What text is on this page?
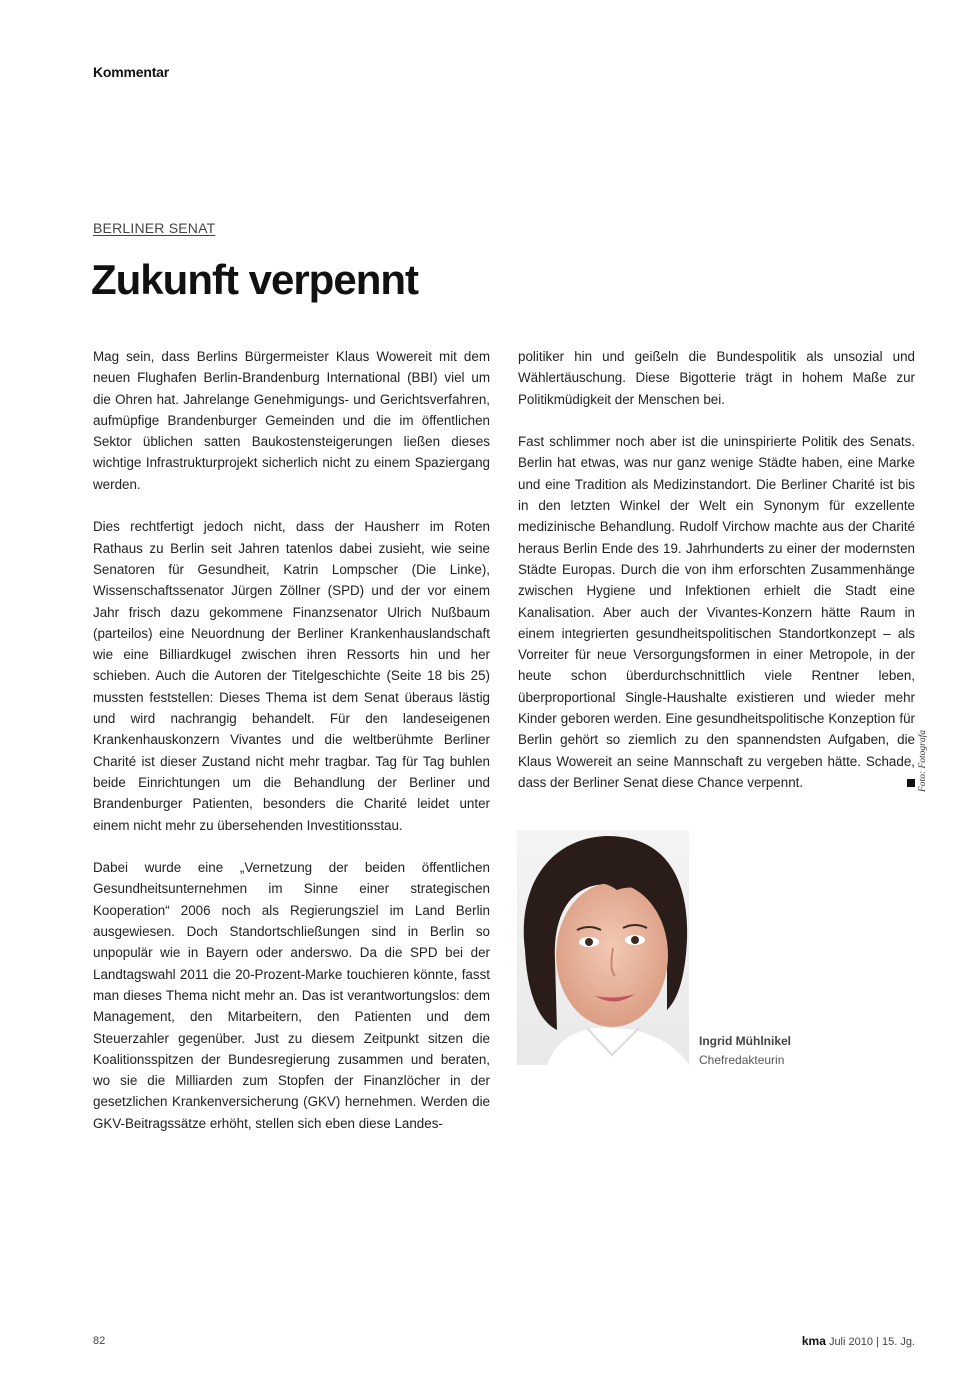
Kommentar
BERLINER SENAT
Zukunft verpennt

Mag sein, dass Berlins Bürgermeister Klaus Wowereit mit dem neuen Flughafen Berlin-Brandenburg International (BBI) viel um die Ohren hat. Jahrelange Genehmigungs- und Gerichtsverfahren, aufmüpfige Brandenburger Gemeinden und die im öffentlichen Sektor üblichen satten Baukostensteigerungen ließen dieses wichtige Infrastrukturprojekt sicherlich nicht zu einem Spaziergang werden.

Dies rechtfertigt jedoch nicht, dass der Hausherr im Roten Rathaus zu Berlin seit Jahren tatenlos dabei zusieht, wie seine Senatoren für Gesundheit, Katrin Lompscher (Die Linke), Wissenschaftssenator Jürgen Zöllner (SPD) und der vor einem Jahr frisch dazu gekommene Finanzsenator Ulrich Nußbaum (parteilos) eine Neuordnung der Berliner Krankenhauslandschaft wie eine Billiardkugel zwischen ihren Ressorts hin und her schieben. Auch die Autoren der Titelgeschichte (Seite 18 bis 25) mussten feststellen: Dieses Thema ist dem Senat überaus lästig und wird nachrangig behandelt. Für den landeseigenen Krankenhauskonzern Vivantes und die weltberühmte Berliner Charité ist dieser Zustand nicht mehr tragbar. Tag für Tag buhlen beide Einrichtungen um die Behandlung der Berliner und Brandenburger Patienten, besonders die Charité leidet unter einem nicht mehr zu übersehenden Investitionsstau.

Dabei wurde eine „Vernetzung der beiden öffentlichen Gesundheitsunternehmen im Sinne einer strategischen Kooperation“ 2006 noch als Regierungsziel im Land Berlin ausgewiesen. Doch Standortschließungen sind in Berlin so unpopulär wie in Bayern oder anderswo. Da die SPD bei der Landtagswahl 2011 die 20-Prozent-Marke touchieren könnte, fasst man dieses Thema nicht mehr an. Das ist verantwortungslos: dem Management, den Mitarbeitern, den Patienten und dem Steuerzahler gegenüber. Just zu diesem Zeitpunkt sitzen die Koalitionsspitzen der Bundesregierung zusammen und beraten, wo sie die Milliarden zum Stopfen der Finanzlöcher in der gesetzlichen Krankenversicherung (GKV) hernehmen. Werden die GKV-Beitragssätze erhöht, stellen sich eben diese Landes-

politiker hin und geißeln die Bundespolitik als unsozial und Wählertäuschung. Diese Bigotterie trägt in hohem Maße zur Politikmüdigkeit der Menschen bei.

Fast schlimmer noch aber ist die uninspirierte Politik des Senats. Berlin hat etwas, was nur ganz wenige Städte haben, eine Marke und eine Tradition als Medizinstandort. Die Berliner Charité ist bis in den letzten Winkel der Welt ein Synonym für exzellente medizinische Behandlung. Rudolf Virchow machte aus der Charité heraus Berlin Ende des 19. Jahrhunderts zu einer der modernsten Städte Europas. Durch die von ihm erforschten Zusammenhänge zwischen Hygiene und Infektionen erhielt die Stadt eine Kanalisation. Aber auch der Vivantes-Konzern hätte Raum in einem integrierten gesundheitspolitischen Standortkonzept – als Vorreiter für neue Versorgungsformen in einer Metropole, in der heute schon überdurchschnittlich viele Rentner leben, überproportional Single-Haushalte existieren und wieder mehr Kinder geboren werden. Eine gesundheitspolitische Konzeption für Berlin gehört so ziemlich zu den spannendsten Aufgaben, die Klaus Wowereit an seine Mannschaft zu vergeben hätte. Schade, dass der Berliner Senat diese Chance verpennt.	Foto: Fotografa
Ingrid Mühlnikel
Chefredakteurin
82	kma Juli 2010 | 15. Jg.
